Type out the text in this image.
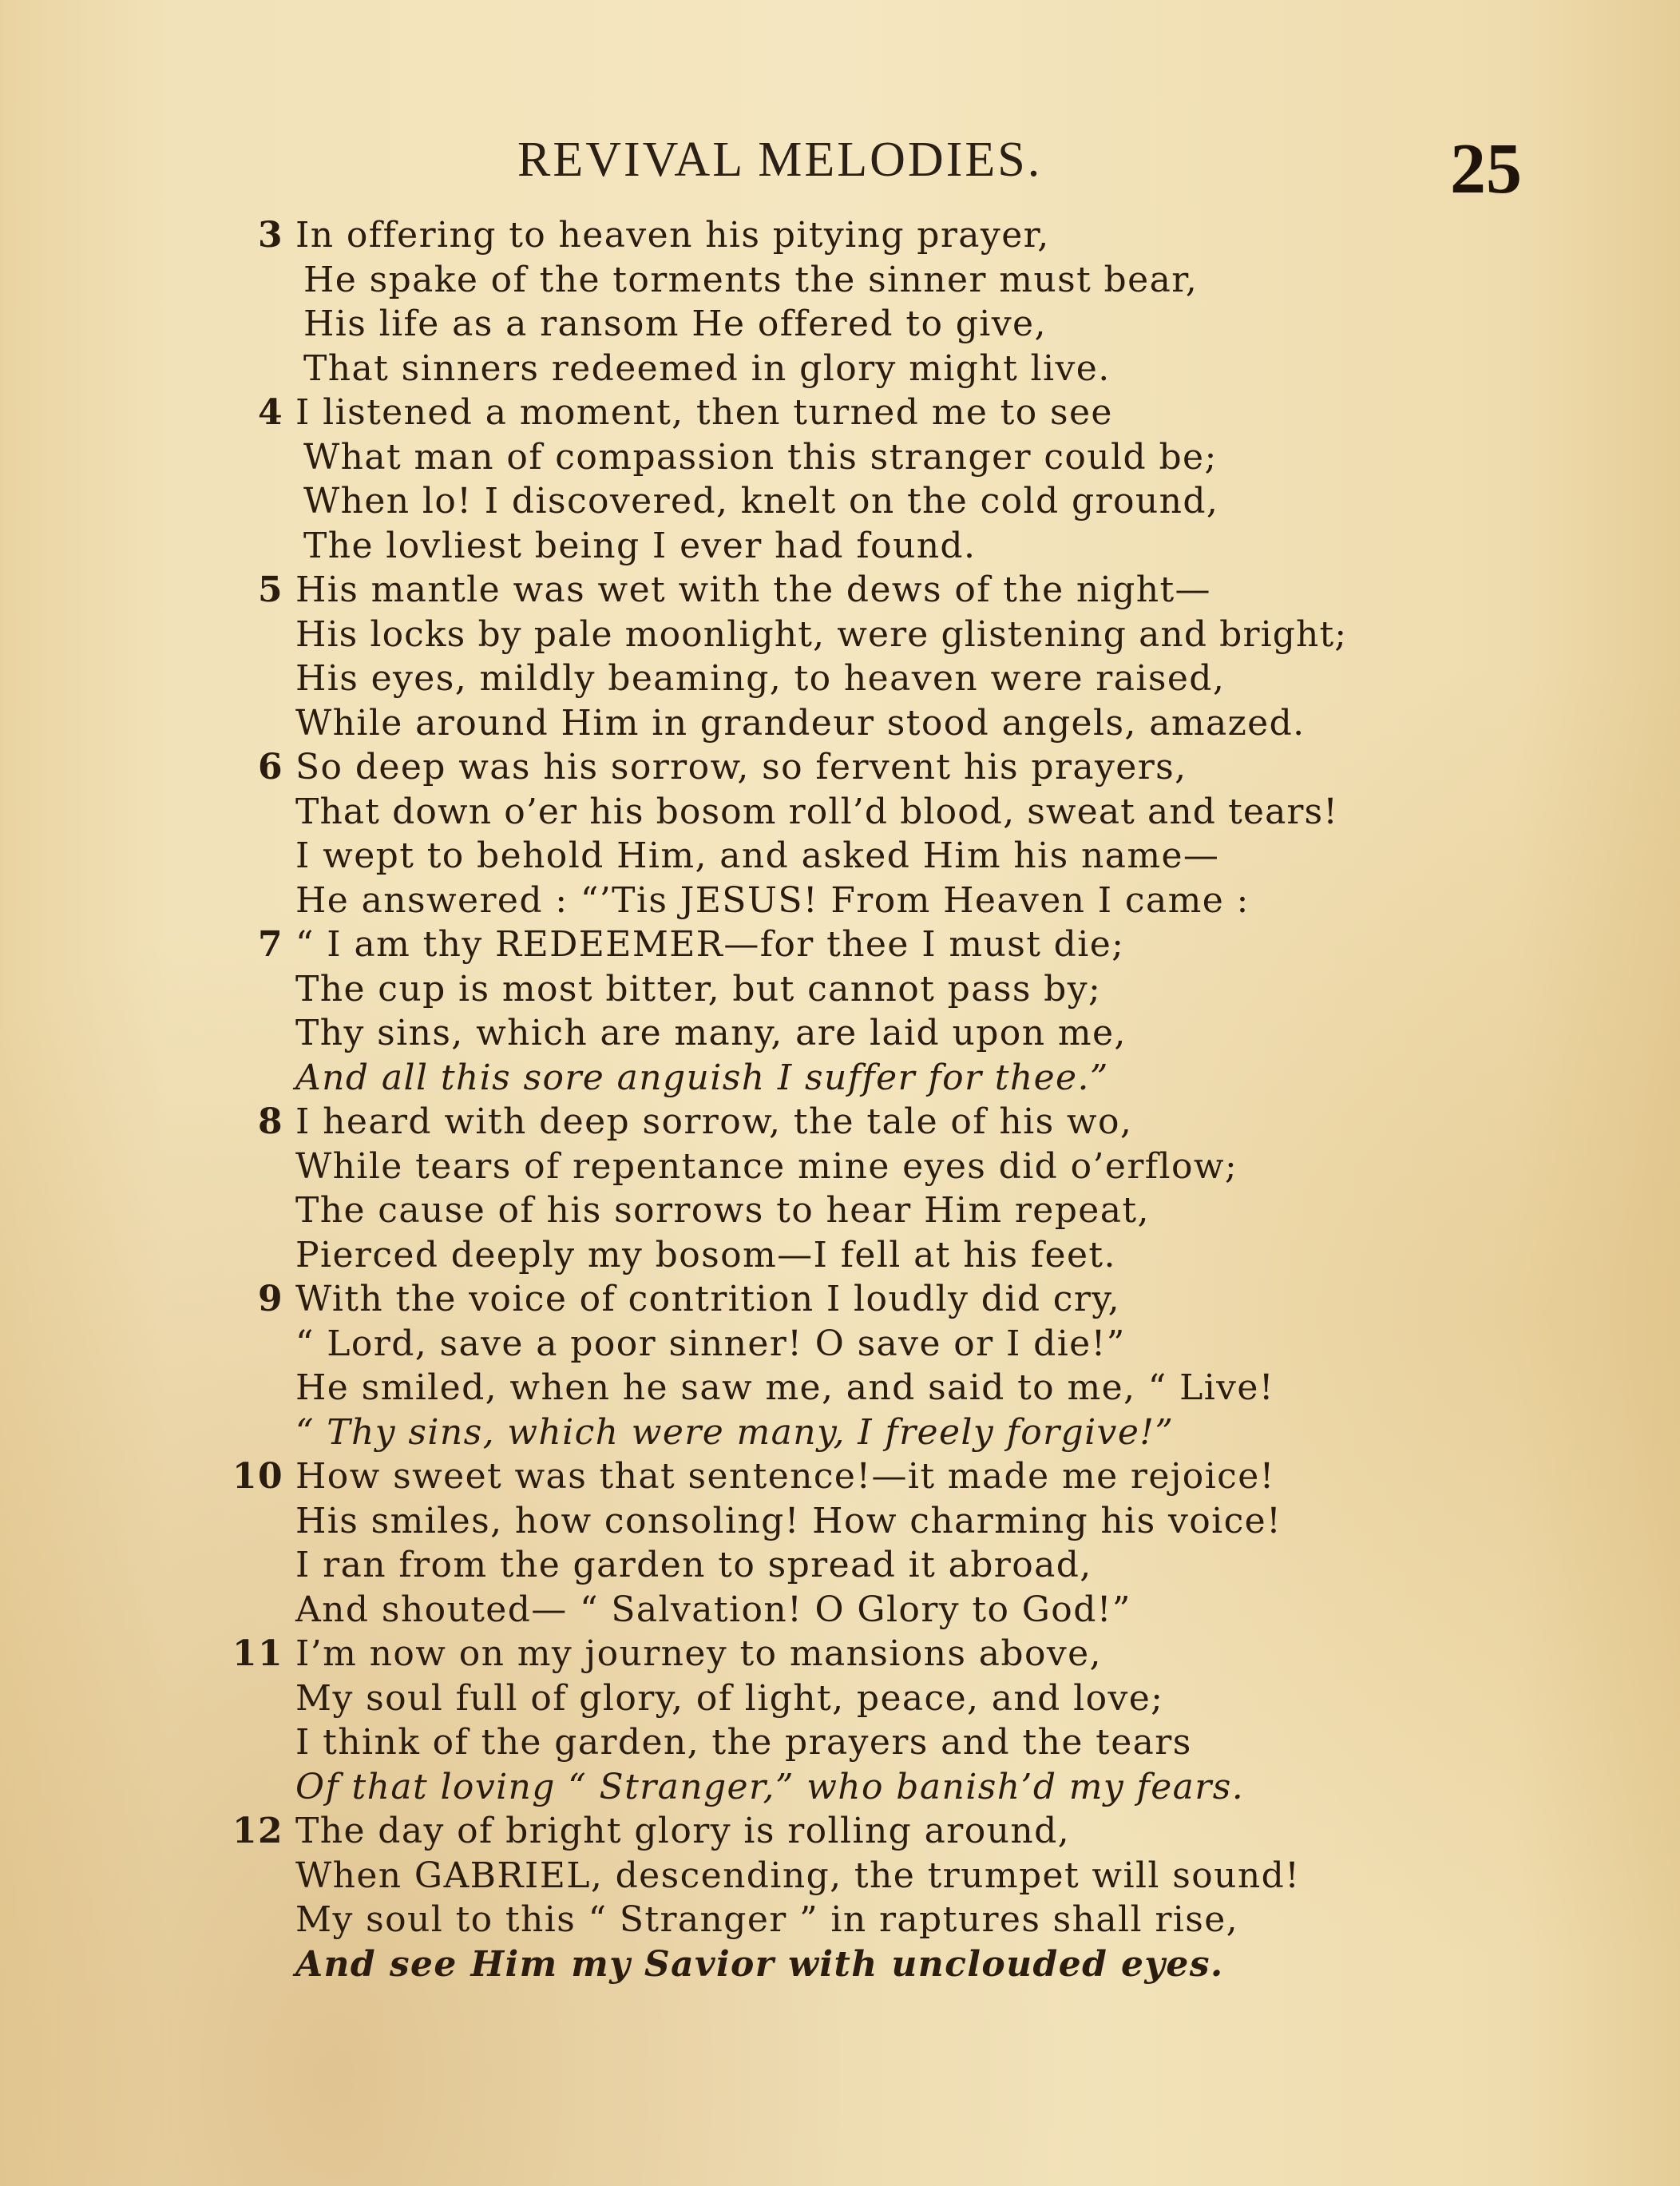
REVIVAL MELODIES.	25
3 In offering to heaven his pitying prayer,
He spake of the torments the sinner must bear,
His life as a ransom He offered to give,
That sinners redeemed in glory might live.
4 I listened a moment, then turned me to see
What man of compassion this stranger could be;
When lo! I discovered, knelt on the cold ground,
The lovliest being I ever had found.
5 His mantle was wet with the dews of the night—
His locks by pale moonlight, were glistening and bright;
His eyes, mildly beaming, to heaven were raised,
While around Him in grandeur stood angels, amazed.
6 So deep was his sorrow, so fervent his prayers,
That down o’er his bosom roll’d blood, sweat and tears!
I wept to behold Him, and asked Him his name—
He answered : “’Tis JESUS! From Heaven I came :
7 “ I am thy REDEEMER—for thee I must die;
The cup is most bitter, but cannot pass by;
Thy sins, which are many, are laid upon me,
And all this sore anguish I suffer for thee.”
8 I heard with deep sorrow, the tale of his wo,
While tears of repentance mine eyes did o’erflow;
The cause of his sorrows to hear Him repeat,
Pierced deeply my bosom—I fell at his feet.
9 With the voice of contrition I loudly did cry,
“ Lord, save a poor sinner! O save or I die!”
He smiled, when he saw me, and said to me, “ Live!
“ Thy sins, which were many, I freely forgive!”
10 How sweet was that sentence!—it made me rejoice!
His smiles, how consoling! How charming his voice!
I ran from the garden to spread it abroad,
And shouted— “ Salvation! O Glory to God!”
11 I’m now on my journey to mansions above,
My soul full of glory, of light, peace, and love;
I think of the garden, the prayers and the tears
Of that loving “ Stranger,” who banish’d my fears.
12 The day of bright glory is rolling around,
When GABRIEL, descending, the trumpet will sound!
My soul to this “ Stranger ” in raptures shall rise,
And see Him my Savior with unclouded eyes.
